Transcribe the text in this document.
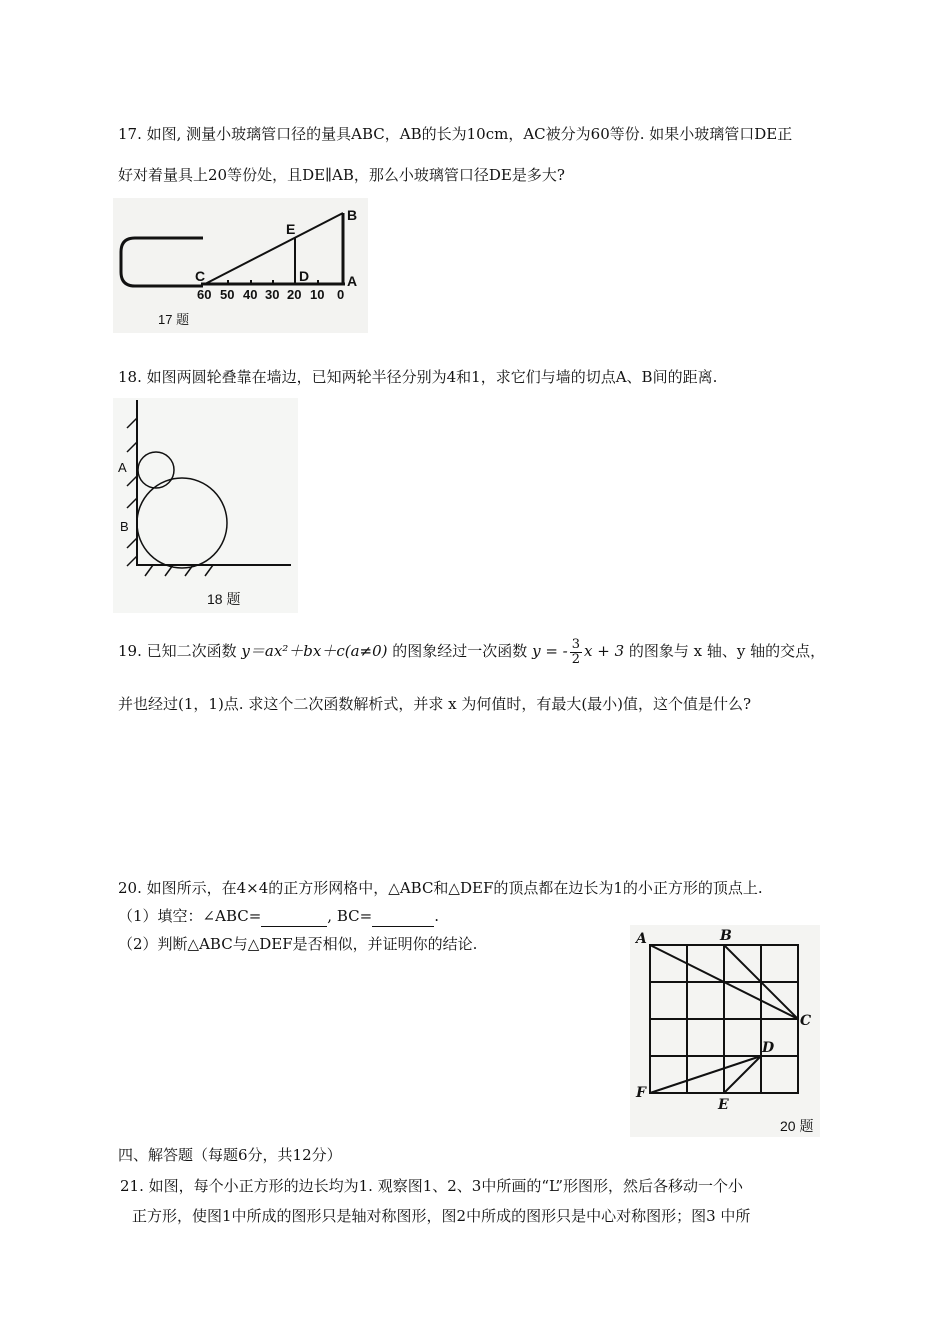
17. 如图, 测量小玻璃管口径的量具ABC，AB的长为10cm，AC被分为60等份. 如果小玻璃管口DE正
好对着量具上20等份处，且DE∥AB，那么小玻璃管口径DE是多大?
B
E
C	D	A
60 50 40 30 20 10 0
17 题
18. 如图两圆轮叠靠在墙边，已知两轮半径分别为4和1，求它们与墙的切点A、B间的距离.
A
B
18 题
19. 已知二次函数 y＝ax²＋bx＋c(a≠0) 的图象经过一次函数 y = - $\frac{3}{2}$ x + 3 的图象与 x 轴、y 轴的交点，
并也经过(1，1)点. 求这个二次函数解析式，并求 x 为何值时，有最大(最小)值，这个值是什么?
20. 如图所示，在4×4的正方形网格中，△ABC和△DEF的顶点都在边长为1的小正方形的顶点上.
（1）填空：∠ABC=	, BC=	.
（2）判断△ABC与△DEF是否相似，并证明你的结论.	A	B
C
D
E
F
20 题
四、解答题（每题6分，共12分）
21. 如图，每个小正方形的边长均为1. 观察图1、2、3中所画的“L”形图形，然后各移动一个小
正方形，使图1中所成的图形只是轴对称图形，图2中所成的图形只是中心对称图形；图3 中所
